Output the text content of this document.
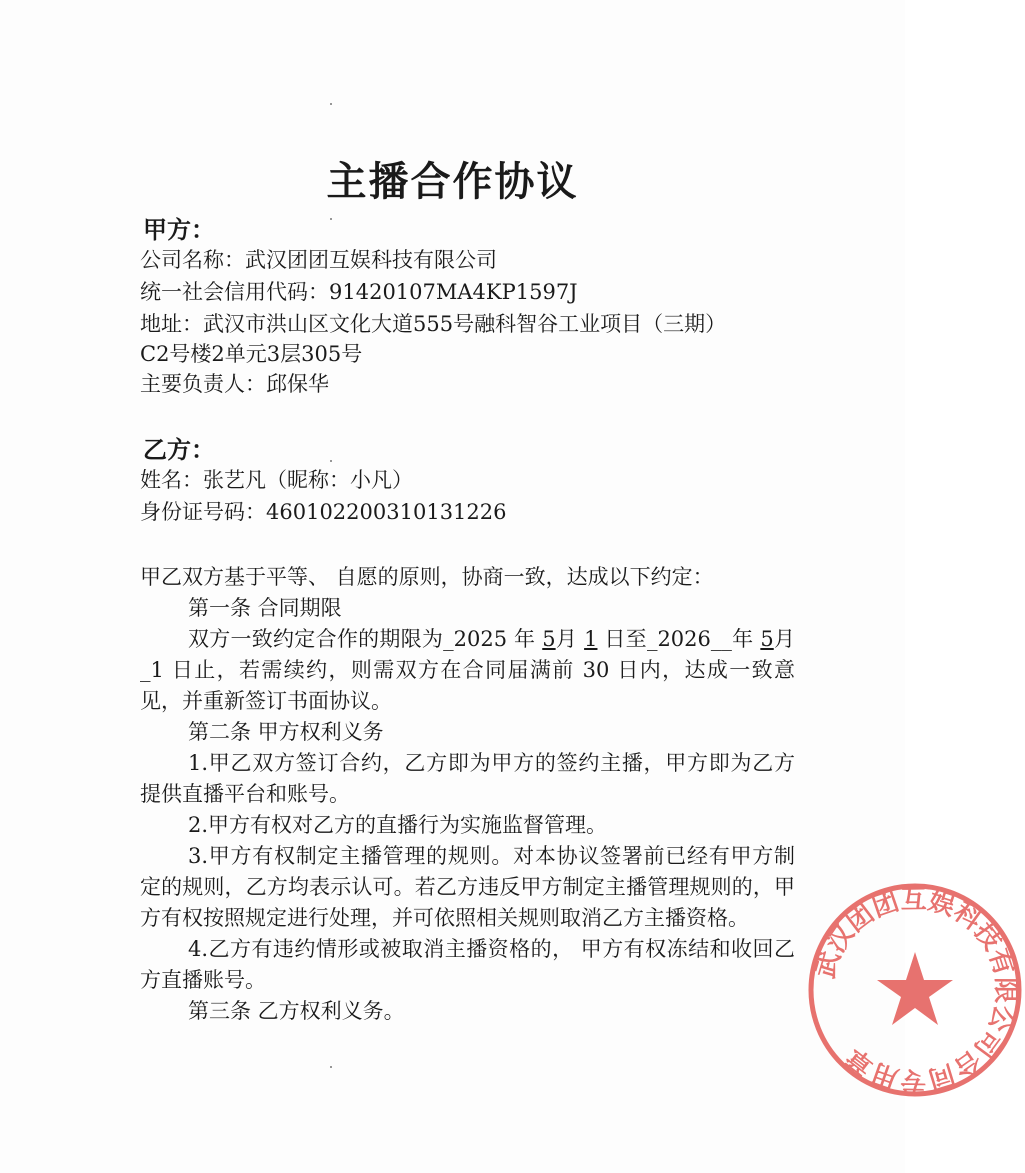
主播合作协议
甲方：
公司名称：武汉团团互娱科技有限公司
统一社会信用代码：91420107MA4KP1597J
地址：武汉市洪山区文化大道555号融科智谷工业项目（三期）
C2号楼2单元3层305号
主要负责人：邱保华
乙方：
姓名：张艺凡（昵称：小凡）
身份证号码：460102200310131226

甲乙双方基于平等、 自愿的原则，协商一致，达成以下约定：

第一条 合同期限

双方一致约定合作的期限为_2025 年 5月 1 日至_2026__年 5月_1 日止，若需续约，则需双方在合同届满前 30 日内，达成一致意见，并重新签订书面协议。

第二条 甲方权利义务

1.甲乙双方签订合约，乙方即为甲方的签约主播，甲方即为乙方提供直播平台和账号。

2.甲方有权对乙方的直播行为实施监督管理。

3.甲方有权制定主播管理的规则。对本协议签署前已经有甲方制定的规则，乙方均表示认可。若乙方违反甲方制定主播管理规则的，甲方有权按照规定进行处理，并可依照相关规则取消乙方主播资格。

4.乙方有违约情形或被取消主播资格的， 甲方有权冻结和收回乙方直播账号。

第三条 乙方权利义务。

武汉团团互娱科技有限公司合同专用章
